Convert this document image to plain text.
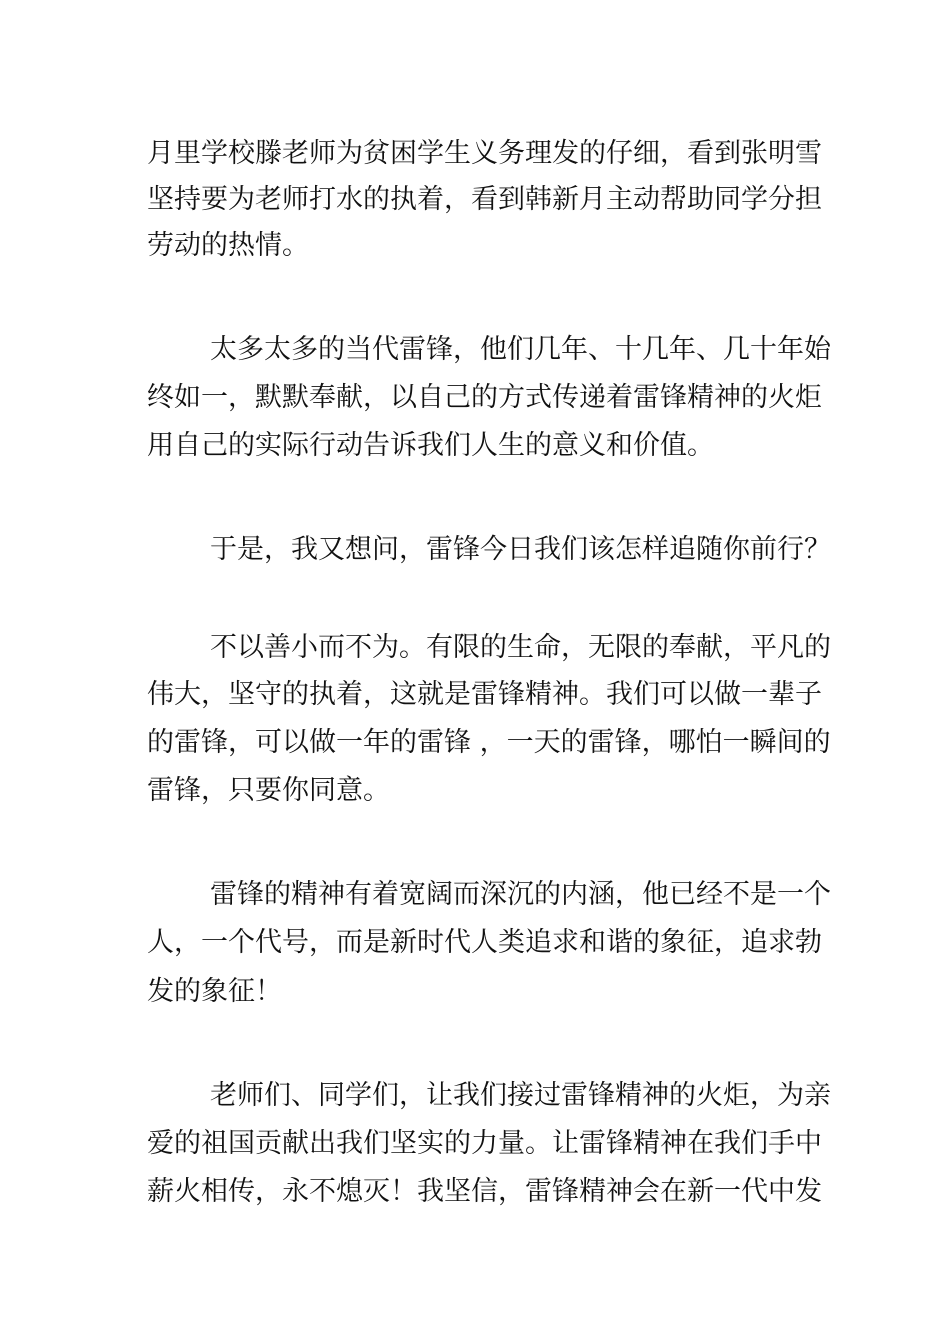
月里学校滕老师为贫困学生义务理发的仔细，看到张明雪
坚持要为老师打水的执着，看到韩新月主动帮助同学分担
劳动的热情。
太多太多的当代雷锋，他们几年、十几年、几十年始
终如一，默默奉献，以自己的方式传递着雷锋精神的火炬
用自己的实际行动告诉我们人生的意义和价值。
于是，我又想问，雷锋今日我们该怎样追随你前行？
不以善小而不为。有限的生命，无限的奉献，平凡的
伟大，坚守的执着，这就是雷锋精神。我们可以做一辈子
的雷锋，可以做一年的雷锋 ，一天的雷锋，哪怕一瞬间的
雷锋，只要你同意。
雷锋的精神有着宽阔而深沉的内涵，他已经不是一个
人，一个代号，而是新时代人类追求和谐的象征，追求勃
发的象征！
老师们、同学们，让我们接过雷锋精神的火炬，为亲
爱的祖国贡献出我们坚实的力量。让雷锋精神在我们手中
薪火相传，永不熄灭！我坚信，雷锋精神会在新一代中发
